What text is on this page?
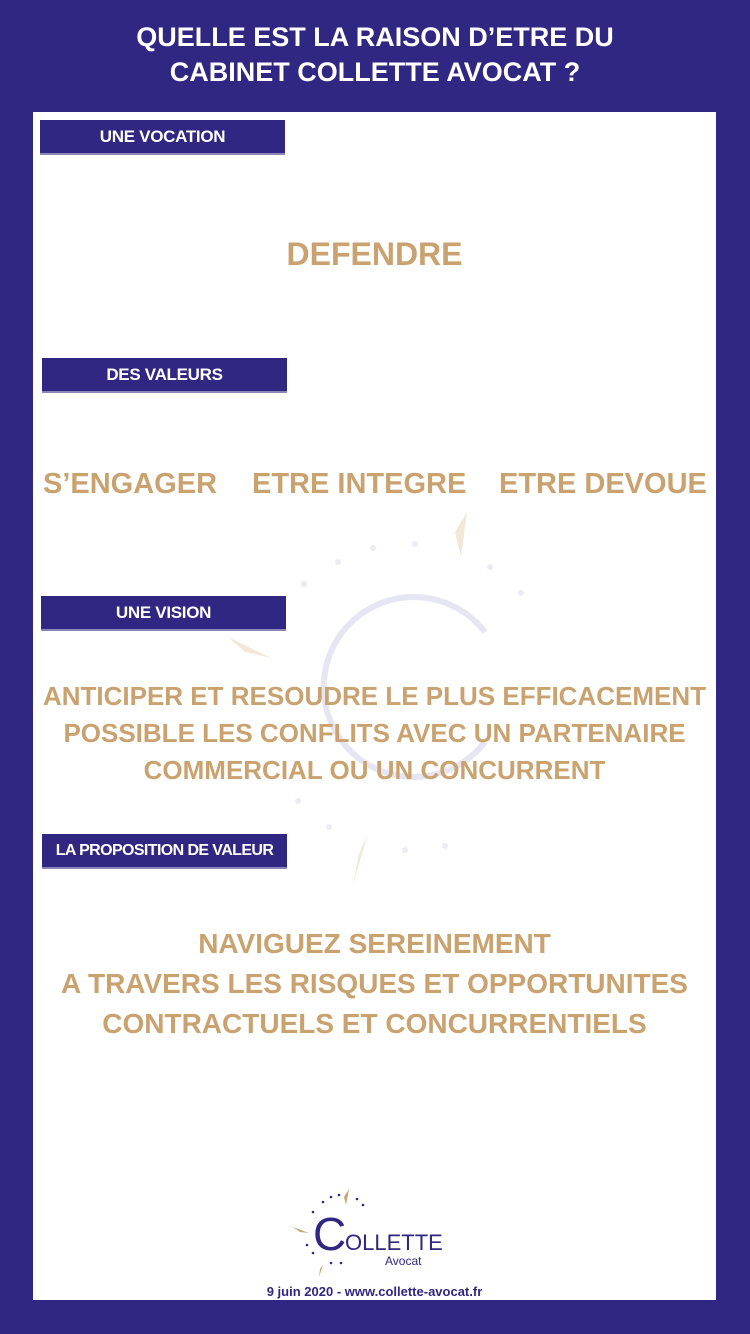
QUELLE EST LA RAISON D’ETRE DU
CABINET COLLETTE AVOCAT ?
UNE VOCATION
DEFENDRE
DES VALEURS
S’ENGAGER ETRE INTEGRE ETRE DEVOUE
UNE VISION
ANTICIPER ET RESOUDRE LE PLUS EFFICACEMENT
POSSIBLE LES CONFLITS AVEC UN PARTENAIRE
COMMERCIAL OU UN CONCURRENT
LA PROPOSITION DE VALEUR
NAVIGUEZ SEREINEMENT
A TRAVERS LES RISQUES ET OPPORTUNITES
CONTRACTUELS ET CONCURRENTIELS
C
OLLETTE
Avocat
9 juin 2020 - www.collette-avocat.fr
